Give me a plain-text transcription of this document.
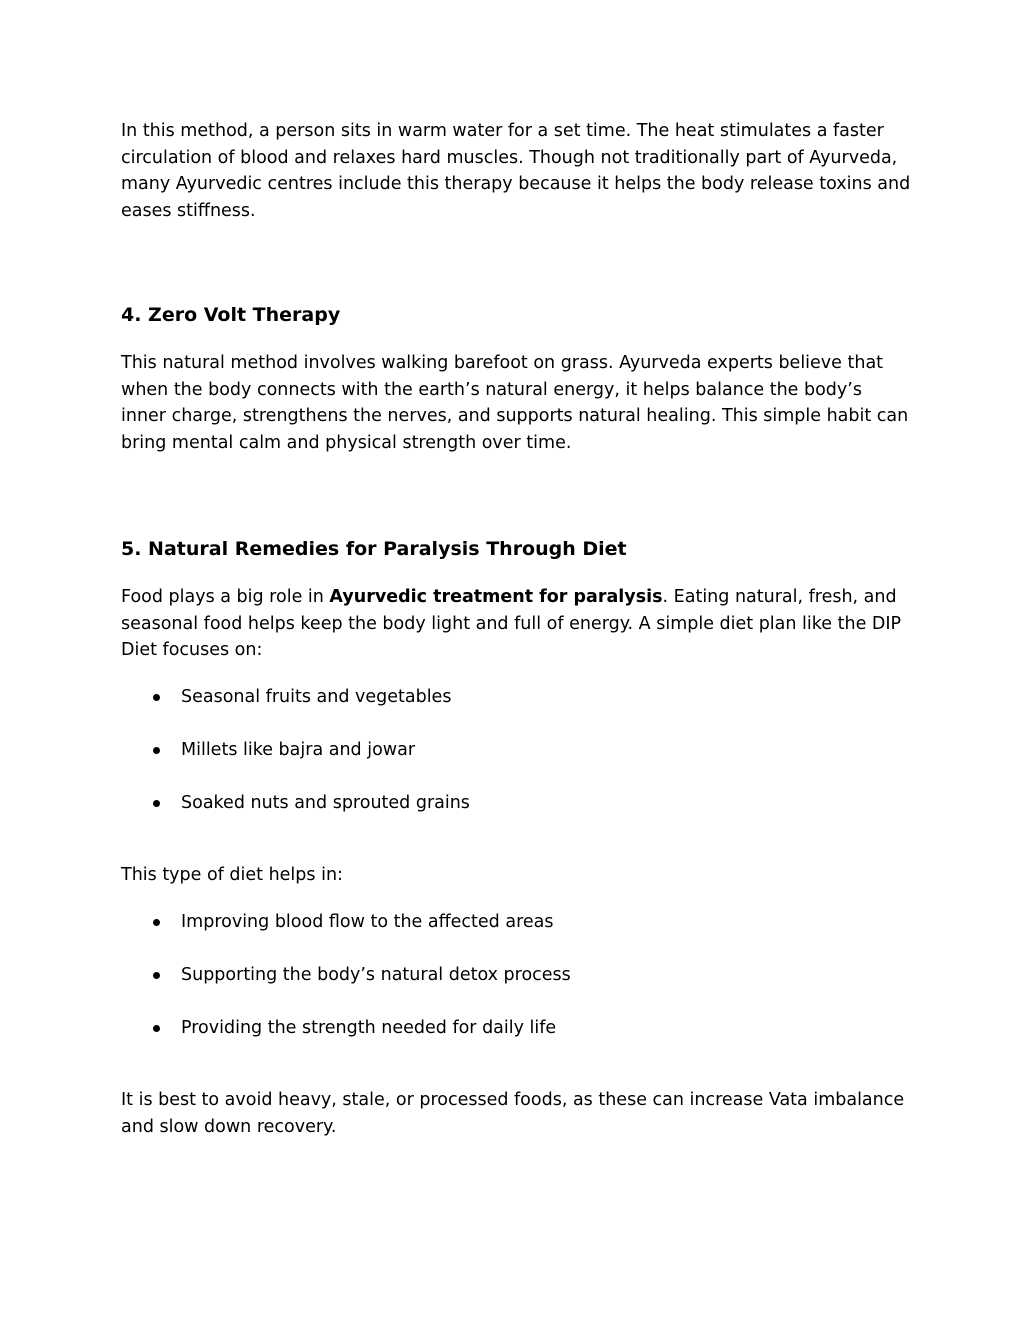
In this method, a person sits in warm water for a set time. The heat stimulates a faster circulation of blood and relaxes hard muscles. Though not traditionally part of Ayurveda, many Ayurvedic centres include this therapy because it helps the body release toxins and eases stiffness.

4. Zero Volt Therapy

This natural method involves walking barefoot on grass. Ayurveda experts believe that when the body connects with the earth’s natural energy, it helps balance the body’s inner charge, strengthens the nerves, and supports natural healing. This simple habit can bring mental calm and physical strength over time.

5. Natural Remedies for Paralysis Through Diet

Food plays a big role in Ayurvedic treatment for paralysis. Eating natural, fresh, and seasonal food helps keep the body light and full of energy. A simple diet plan like the DIP Diet focuses on:

Seasonal fruits and vegetables
Millets like bajra and jowar
Soaked nuts and sprouted grains

This type of diet helps in:

Improving blood flow to the affected areas
Supporting the body’s natural detox process
Providing the strength needed for daily life

It is best to avoid heavy, stale, or processed foods, as these can increase Vata imbalance and slow down recovery.
